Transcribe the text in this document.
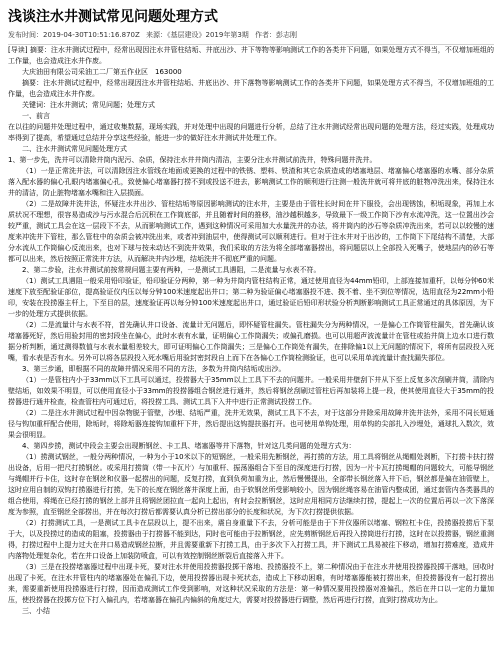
浅谈注水井测试常见问题处理方式
发布时间：2019-04-30T10:51:16.870Z 来源：《基层建设》2019年第3期 作者：彭志刚

[导读] 摘要：注水井测试过程中，经常出现因注水井管柱结垢、井底出沙、井下等物等影响测试工作的各类井下问题，如果处理方式不得当，不仅增加班组的工作量，也会造成注水井作废。

大庆油田有限公司采油工二厂第五作业区　163000

摘要：注水井测试过程中，经常出现因注水井管柱结垢、井底出沙、井下落物等影响测试工作的各类井下问题，如果处理方式不得当，不仅增加班组的工作量，也会造成注水井作废。

关键词：注水井测试；常见问题；处理方式

一、前言

在以往的问题井处理过程中，通过收集数据，现场实践，并对处理中出现的问题进行分析，总结了注水井测试经常出现问题的处理方法，经过实践，处理成功率得到了提高，希望通过总结并分享这些经验，能进一步的做好注水井测试井处理工作。

二、注水井测试常见问题处理方式

1、第一步先，洗井可以清除井筒内泥污、杂质，保持注水井井筒内清洁，主要分注水井测试前洗井，特殊问题井洗井。

（1）一是正常洗井法，可以清除因注水管线在地面或更换的过程中的铁锈、塑料、铁渣和其它杂质造成的堵塞地层、堵塞偏心堵塞器的水嘴、部分杂质落入配水器的偏心孔眼内堵塞偏心孔，致使偏心堵塞器打捞不到或投送不进去，影响测试工作的顺利进行注测一般洗井就可将井底的脏物冲洗出来，保持注水井的清洁，防止脏物堵塞水嘴和注入层损面。

（2）二是故障井洗井法，怀疑注水井出沙、管柱结垢等原因影响测试的注水井，主要是由于管柱长时间在井下服役，会出现锈蚀，积垢现象，再加上水质状况不理想，很容易造成沙与污水混合后沉积在工作筒底部，并且随着时间的推移，油沙越积越多，导致最下一级工作筒下沙有水流冲洗，这一位置出沙会较严重，测试工具会在这一层段下不去，从而影响测试工作，遇到这种情况可采用加大水量洗井的办法，将井筒内的沙石等杂质冲洗出来，若可以以较慢的速度来冲洗井下管柱，那么管柱中的杂质会被冲洗出来，或者冲到油层中，使得测试可以顺利进行。但对于注水井对于出沙的，工作筒下下尾结构不清楚，大部分水流从工作筒偏心反流出来，也对下球与按未动达不到洗井效果，我们采取的方法为将全部堵塞器捞出，将问题层以上全部投入死嘴子，使地层内的砂石等都可以出来，然后按照正常洗井方法，从而解决井内沙埋，结垢洗井不彻底严重的问题。

2、第二步验，注水井测试前按常规问题主要有两种，一是测试工具遇阻，二是流量与水表不符。

（1）测试工具遇阻一般采用铅印验证，铅印验证分两种，第一种为井筒内管柱结构正常，通过使用直径为44mm铅印，上部连接加重杆，以每分钟60米速度下放至配验证部位，提高验证仪内压以每分钟100米速度起出井口；第二种为验证偏心堵塞器投不进、拨不着、坐不到位等情况，选用直径为22mm小铅印，安装在投捞器主杆上，下至目的层，速度验证再以每分钟100米速度起出井口，通过验证后铅印形状验分析判断影响测试工具正常通过的具体原因，为下一步的处理方式提供依据。

（2）二是流量计与水表不符，首先确认井口设备、流量计无问题后，即怀疑管柱漏失。管柱漏失分为两种情况，一是偏心工作筒管柱漏失，首先确认该堵塞器死好，然后用验封用的密封段坐在偏心，此时水表有水量，证明偏心工作筒漏失；或偏孔磨损。也可以用超声波流量计在管柱或抬井筒上边水口进行数据分析判断，通过测得数值与水表水量相差较大，即可证明偏心工作筒漏失；三是偏心工作筒处有漏失，在排除偏1以上无问题的情况下，将所有层段投入死嘴，看水表是否有水。另外可以将各层段投入死水嘴后用验封密封段自上而下在各偏心工作筒检测验证，也可以采用单流流量计查找漏失部位。

3、第三步通，即根据不同的故障井情况采用不同的方法，多数为井筒内结垢或出沙。

（1）一是管柱内小于33mm以下工具可以通过，投捞器大于35mm以上工具下不去的问题井。一般采用井壁刮下井从下至上反复多次刮刷井筒，清除内壁结垢，如效果不明显，可以使用直径小于33mm的投捞器组合钢丝进行通井，然后将钢丝刮刷过管柱后再加装将上提一段，使其使用直径大于35mm的投捞器进行通井检查，检查管柱内可通过后，将投捞工具、测试工具下入井中进行正常测试投捞工作。

（2）二是注水井测试过程中因杂物脱于管壁，沙埋、结垢严重，洗井无效果，测试工具下不去，对于这部分井除采用故障井洗井法外，采用不同长短通径与钩加重杆配合使用，除垢时，将除垢器连接钩加重杆下井，然后提出这钩提扶器打开。也可使用单钩处理，用单钩的尖部扎入沙埋处，通球扎入数次，效果会很明显。

4、第四步捞，测试中段会主要会出现断钢丝、卡工具、堵塞器等井下落物，针对这几类问题的处理方式为：

（1）捞测试钢丝，一般分两种情况，一种为小于10米以下的短钢丝，一般采用先断钢丝，再打捞的方法，用工具将钢丝从绳帽处剥断，下打捞卡扶打捞出设备，后用一把尺打捞钢丝。或采用打捞筒（带一卡瓦片）与加重杆、振荡器组合下至目的深度进行打捞，因为一片卡瓦打捞绳帽的问题较大，可能导钢丝与绳帽并行卡住，这时存在钢丝和仪器一起捞出的问题，反复打捞，直到负荷加重为止，然后慢慢提出，全部带长钢丝落入井下后，钢丝都是偏在油管壁上，这时应用自制的双钩打捞器进行打捞，先下的长度在钢丝落井深度上面，由于软钢丝所受影响较小，因为钢丝绳容易在油管内整成团，通过套管内各类器具的组合使用，将绳在已经打捞的钢丝上部并且将钢丝团拉直一起向上起出，有时会拉断钢丝，这时应用相同方法继续打捞，提起上一次的位置后再以一次下落深度为参照，直至钢丝全部捞出，并在每次打捞后都需要认真分析已捞出部分的长度和状况，为下次打捞提供依据。

（2）打捞测试工具，一是测试工具卡在层段以上，提不出来，震自身重量下不去，分析可能是由于下井仪器所以堵塞、钢粒杠卡住，投捞器投捞后下泵于大，以及投捞过的造成的阻塞，投捞器由于打捞器不能到达，同时也可能由于拉断钢丝，应先剪断钢丝后再投入捞筒进行打捞，这时在以投捞器，钢丝重测得，打捞过程中上提力过大在井口易造成钢丝拉断，并且需要重新下打捞工具，由于多次下入打捞工具，井下测试工具易被往下移动，增加打捞难度，造成井内落物处理复杂化，若在井口设备上加装防喷盒，可以有效控制钢丝断裂后直接落入井下。

（3）三是在投捞堵塞器过程中出现卡死，要对注水井使用投捞器投掷干落地、投捞器投不上，第二种情况由于在注水井使用投捞器投掷干落地，回收时出现了卡死，在注水井管柱内的堵塞器处在偏孔下边，使用投捞器出现卡死状态，造成上下移动困难，有时堵塞器能被打捞出来，但投捞器没有一起打捞出来，需要重新使用投捞器进行打捞，因而造成测试工作受到影响，对这种状况采取的方法是：第一种情况要用投捞器对准偏孔，然后在井口以一定的力量加压，使投捞器在投掷方位下打入偏孔内，若堵塞器在偏孔内偏斜的角度过大，需要对投捞器进行调整，然后再进行打捞，直到打捞成功为止。

三、小结
